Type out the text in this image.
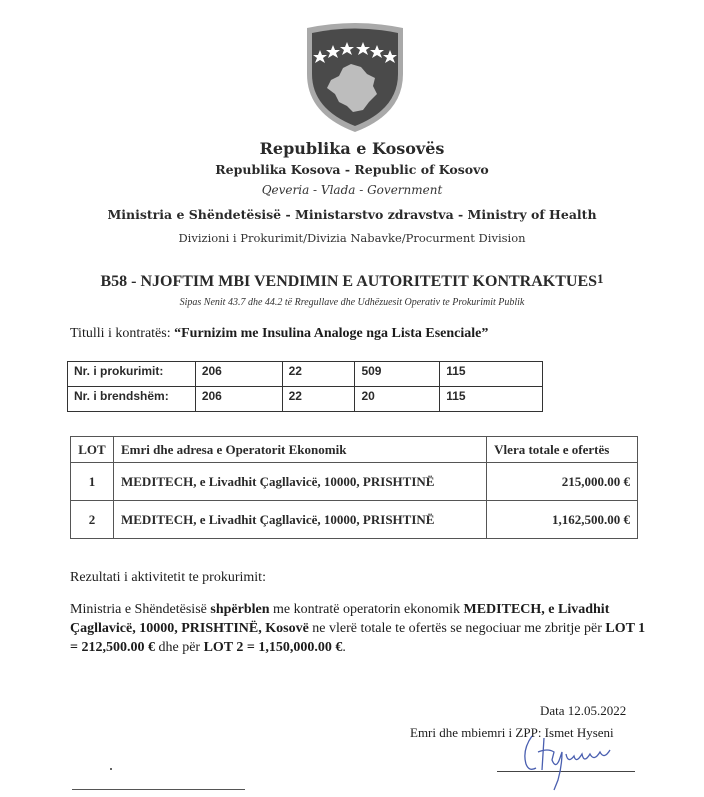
Republika e Kosovës
Republika Kosova - Republic of Kosovo
Qeveria - Vlada - Government
Ministria e Shëndetësisë - Ministarstvo zdravstva - Ministry of Health
Divizioni i Prokurimit/Divizia Nabavke/Procurment Division
B58 - NJOFTIM MBI VENDIMIN E AUTORITETIT KONTRAKTUES$^1$
Sipas Nenit 43.7 dhe 44.2 të Rregullave dhe Udhëzuesit Operativ te Prokurimit Publik
Titulli i kontratës: “Furnizim me Insulina Analoge nga Lista Esenciale”
Nr. i prokurimit:	206	22	509	115
Nr. i brendshëm:	206	22	20	115
LOT	Emri dhe adresa e Operatorit Ekonomik	Vlera totale e ofertës
1	MEDITECH, e Livadhit Çagllavicë, 10000, PRISHTINË	215,000.00 €
2	MEDITECH, e Livadhit Çagllavicë, 10000, PRISHTINË	1,162,500.00 €
Rezultati i aktivitetit te prokurimit:
Ministria e Shëndetësisë shpërblen me kontratë operatorin ekonomik MEDITECH, e Livadhit Çagllavicë, 10000, PRISHTINË, Kosovë ne vlerë totale te ofertës se negociuar me zbritje për LOT 1 = 212,500.00 € dhe për LOT 2 = 1,150,000.00 €.
Data 12.05.2022
Emri dhe mbiemri i ZPP: Ismet Hyseni
